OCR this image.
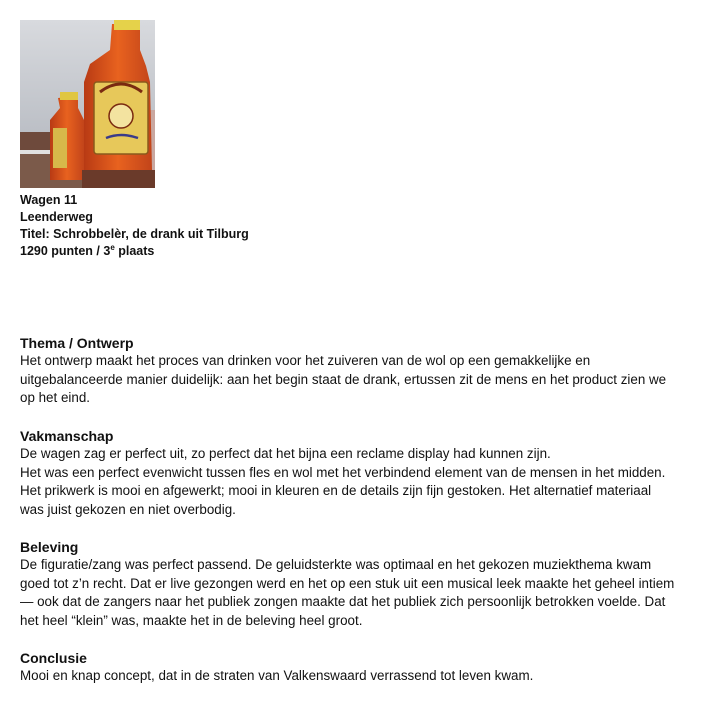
Wagen 11
Leenderweg
Titel: Schrobbelèr, de drank uit Tilburg
1290 punten / 3e plaats
Thema / Ontwerp

Het ontwerp maakt het proces van drinken voor het zuiveren van de wol op een gemakkelijke en
uitgebalanceerde manier duidelijk: aan het begin staat de drank, ertussen zit de mens en het product zien we
op het eind.

Vakmanschap

De wagen zag er perfect uit, zo perfect dat het bijna een reclame display had kunnen zijn.
Het was een perfect evenwicht tussen fles en wol met het verbindend element van de mensen in het midden.
Het prikwerk is mooi en afgewerkt; mooi in kleuren en de details zijn fijn gestoken. Het alternatief materiaal
was juist gekozen en niet overbodig.

Beleving

De figuratie/zang was perfect passend. De geluidsterkte was optimaal en het gekozen muziekthema kwam
goed tot z’n recht. Dat er live gezongen werd en het op een stuk uit een musical leek maakte het geheel intiem
— ook dat de zangers naar het publiek zongen maakte dat het publiek zich persoonlijk betrokken voelde. Dat
het heel “klein” was, maakte het in de beleving heel groot.

Conclusie

Mooi en knap concept, dat in de straten van Valkenswaard verrassend tot leven kwam.
